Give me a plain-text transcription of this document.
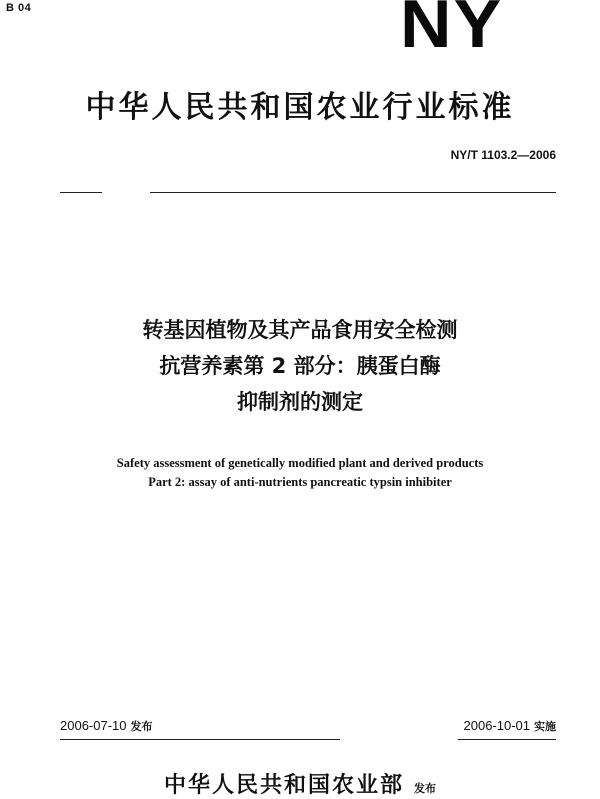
B 04	NY
中华人民共和国农业行业标准
NY/T 1103.2—2006
转基因植物及其产品食用安全检测
抗营养素第 2 部分：胰蛋白酶
抑制剂的测定
Safety assessment of genetically modified plant and derived products
Part 2: assay of anti-nutrients pancreatic typsin inhibiter
2006-07-10 发布	2006-10-01 实施
中华人民共和国农业部 发布
